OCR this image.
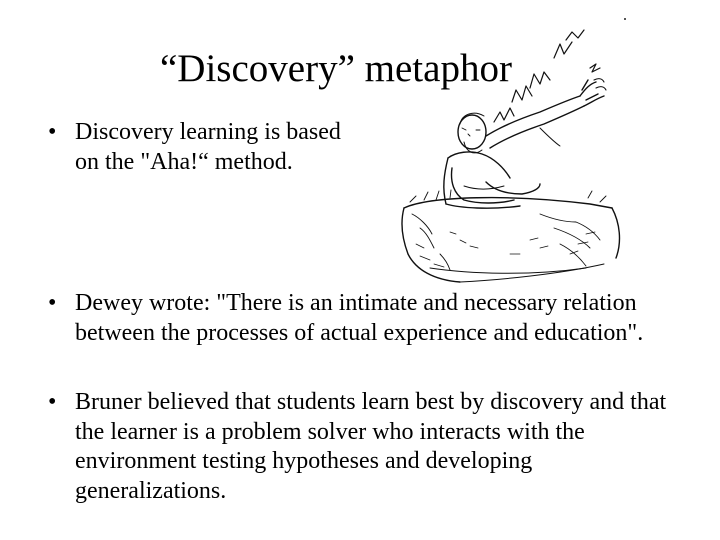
“Discovery” metaphor
• Discovery learning is based on the "Aha!“ method.
• Dewey wrote: "There is an intimate and necessary relation between the processes of actual experience and education".
• Bruner believed that students learn best by discovery and that the learner is a problem solver who interacts with the environment testing hypotheses and developing generalizations.
